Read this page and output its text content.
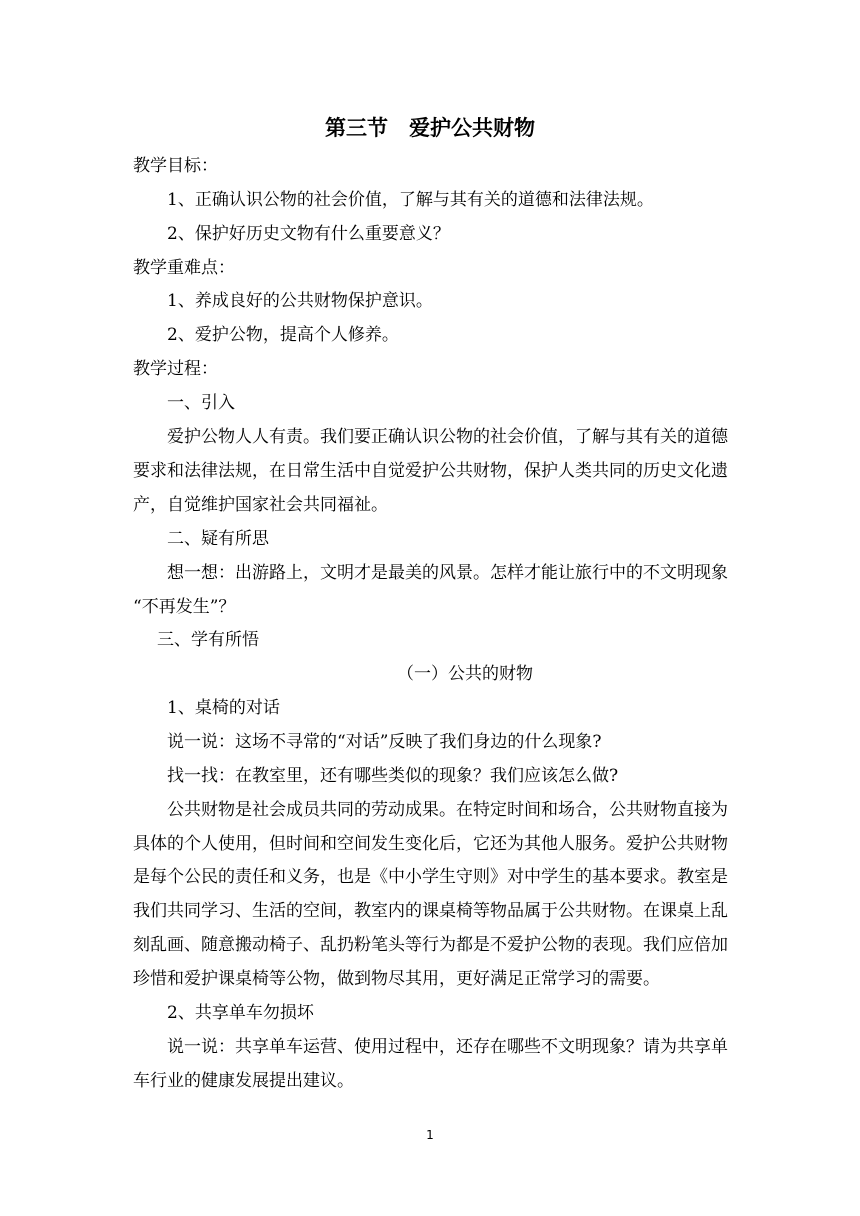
第三节　爱护公共财物
教学目标：
1、正确认识公物的社会价值，了解与其有关的道德和法律法规。
2、保护好历史文物有什么重要意义？
教学重难点：
1、养成良好的公共财物保护意识。
2、爱护公物，提高个人修养。
教学过程：
一、引入
爱护公物人人有责。我们要正确认识公物的社会价值，了解与其有关的道德
要求和法律法规，在日常生活中自觉爱护公共财物，保护人类共同的历史文化遗
产，自觉维护国家社会共同福祉。
二、疑有所思
想一想：出游路上，文明才是最美的风景。怎样才能让旅行中的不文明现象
“不再发生”？
三、学有所悟
（一）公共的财物
1、桌椅的对话
说一说：这场不寻常的“对话”反映了我们身边的什么现象?
找一找：在教室里，还有哪些类似的现象？我们应该怎么做?
公共财物是社会成员共同的劳动成果。在特定时间和场合，公共财物直接为
具体的个人使用，但时间和空间发生变化后，它还为其他人服务。爱护公共财物
是每个公民的责任和义务，也是《中小学生守则》对中学生的基本要求。教室是
我们共同学习、生活的空间，教室内的课桌椅等物品属于公共财物。在课桌上乱
刻乱画、随意搬动椅子、乱扔粉笔头等行为都是不爱护公物的表现。我们应倍加
珍惜和爱护课桌椅等公物，做到物尽其用，更好满足正常学习的需要。
2、共享单车勿损坏
说一说：共享单车运营、使用过程中，还存在哪些不文明现象？请为共享单
车行业的健康发展提出建议。
1
